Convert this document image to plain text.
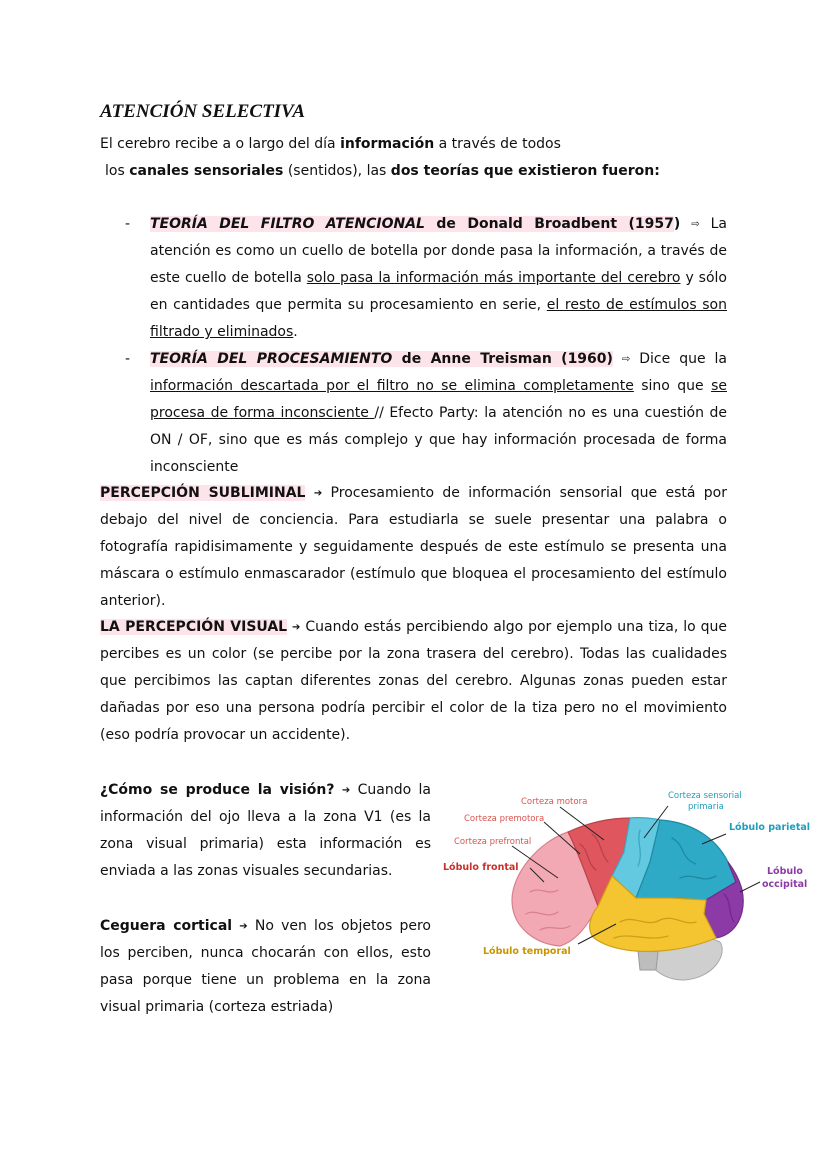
ATENCIÓN SELECTIVA

El cerebro recibe a o largo del día información a través de todos

los canales sensoriales (sentidos), las dos teorías que existieron fueron:

- TEORÍA DEL FILTRO ATENCIONAL de Donald Broadbent (1957) ⇨ La atención es como un cuello de botella por donde pasa la información, a través de este cuello de botella solo pasa la información más importante del cerebro y sólo en cantidades que permita su procesamiento en serie, el resto de estímulos son filtrado y eliminados.
- TEORÍA DEL PROCESAMIENTO de Anne Treisman (1960) ⇨ Dice que la información descartada por el filtro no se elimina completamente sino que se procesa de forma inconsciente // Efecto Party: la atención no es una cuestión de ON / OF, sino que es más complejo y que hay información procesada de forma inconsciente

PERCEPCIÓN SUBLIMINAL ➔ Procesamiento de información sensorial que está por debajo del nivel de conciencia. Para estudiarla se suele presentar una palabra o fotografía rapidisimamente y seguidamente después de este estímulo se presenta una máscara o estímulo enmascarador (estímulo que bloquea el procesamiento del estímulo anterior).

LA PERCEPCIÓN VISUAL ➔ Cuando estás percibiendo algo por ejemplo una tiza, lo que percibes es un color (se percibe por la zona trasera del cerebro). Todas las cualidades que percibimos las captan diferentes zonas del cerebro. Algunas zonas pueden estar dañadas por eso una persona podría percibir el color de la tiza pero no el movimiento (eso podría provocar un accidente).

¿Cómo se produce la visión? ➔ Cuando la información del ojo lleva a la zona V1 (es la zona visual primaria) esta información es enviada a las zonas visuales secundarias.

Ceguera cortical ➔ No ven los objetos pero los perciben, nunca chocarán con ellos, esto pasa porque tiene un problema en la zona visual primaria (corteza estriada)

Corteza motora
Corteza premotora
Corteza prefrontal
Lóbulo frontal
Corteza sensorial
primaria
Lóbulo parietal
Lóbulo
occipital
Lóbulo temporal
